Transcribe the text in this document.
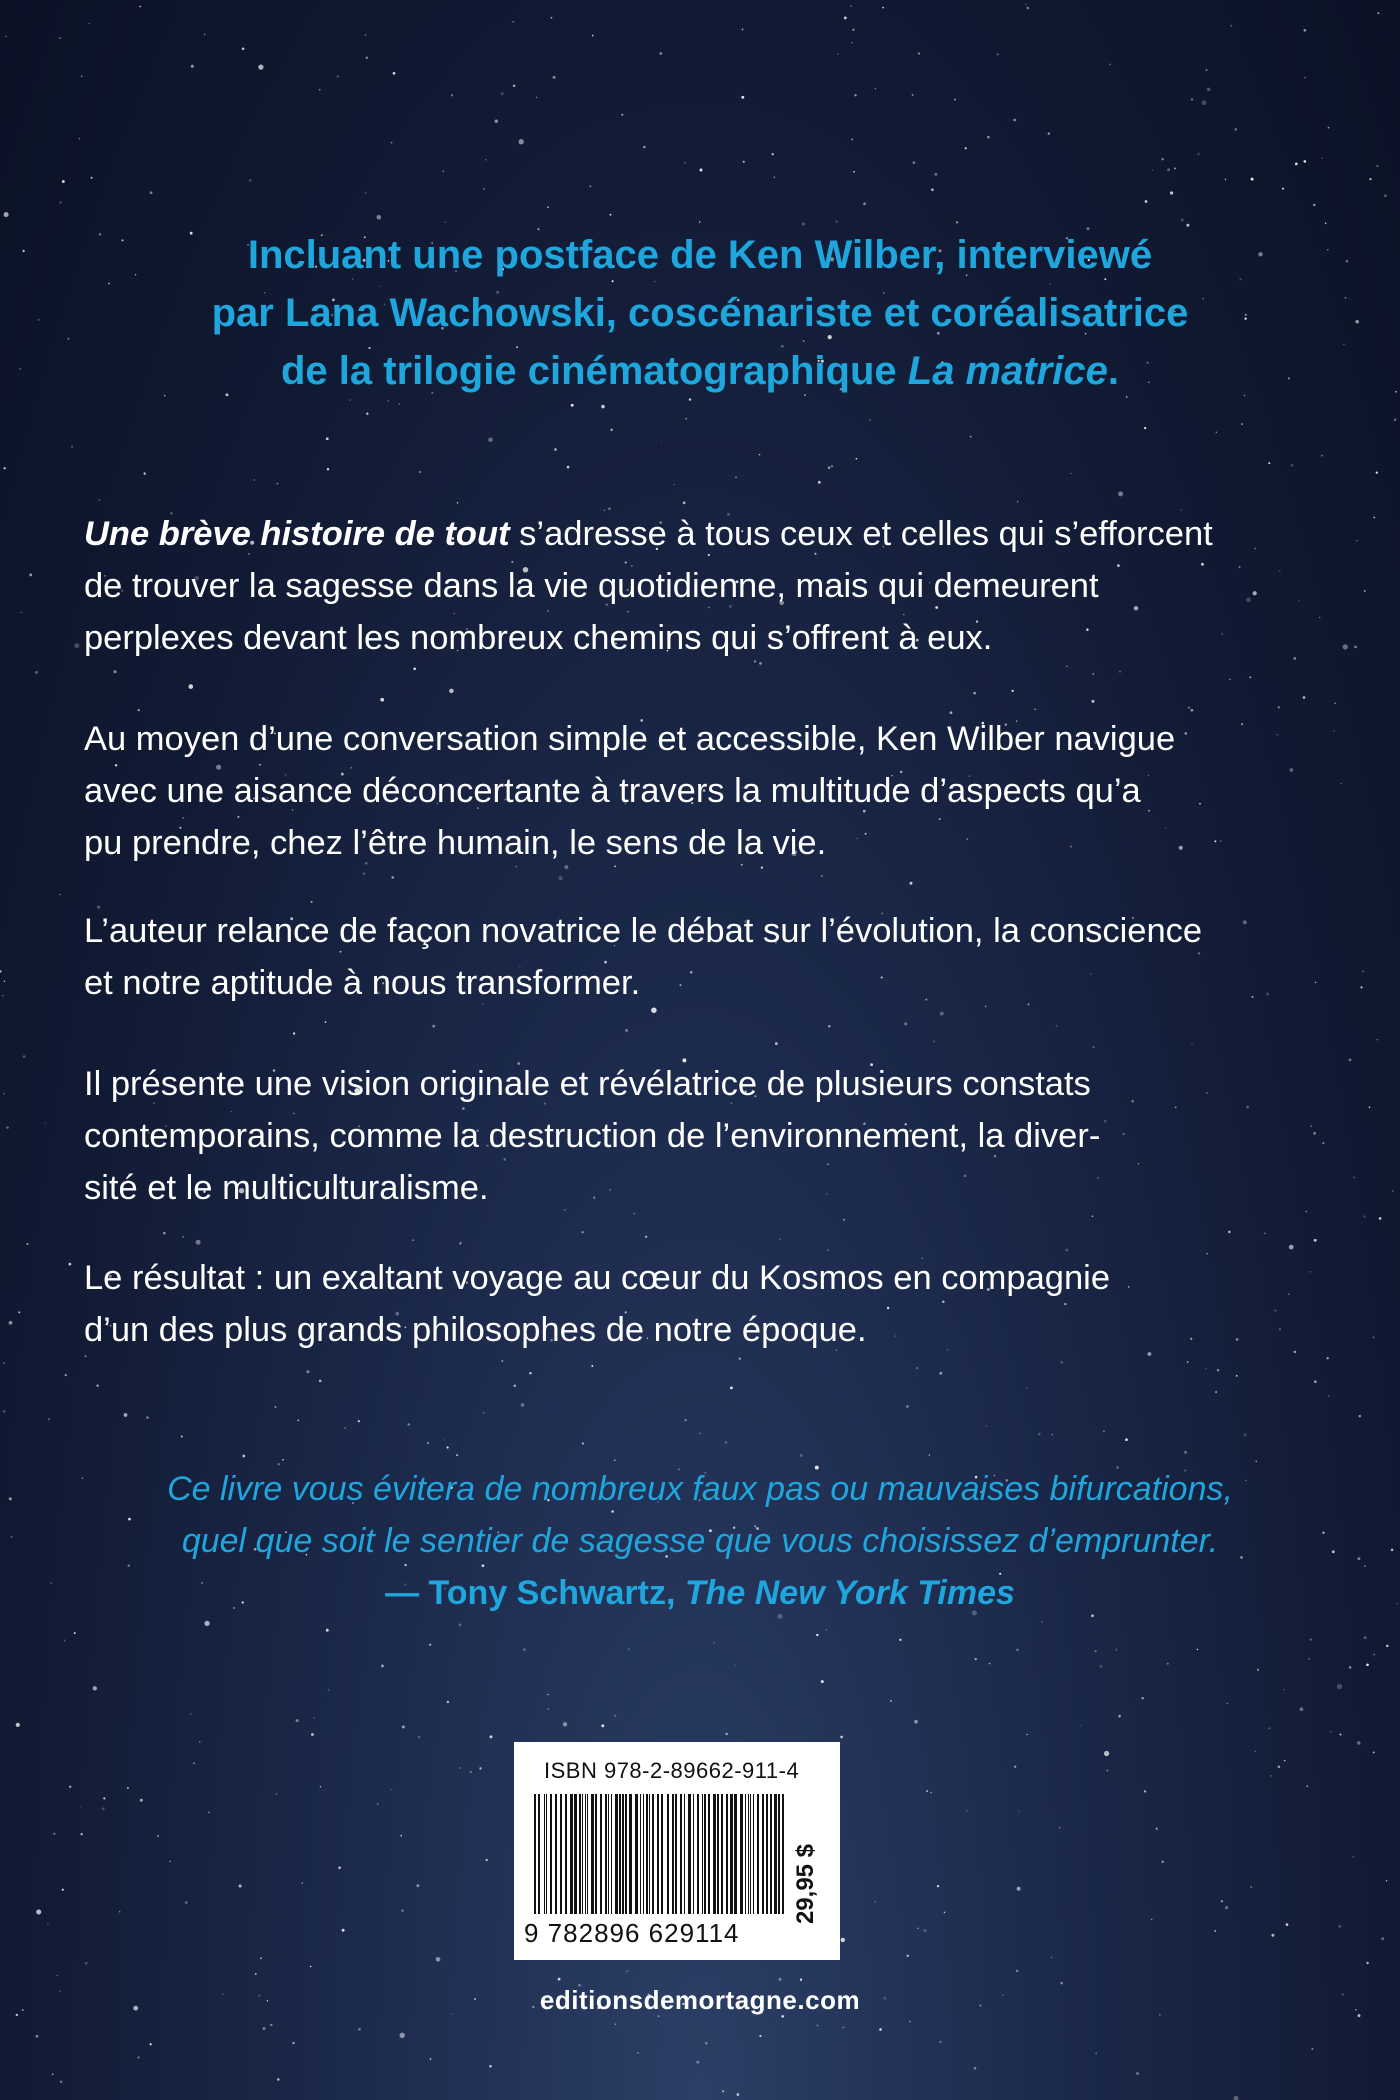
Incluant une postface de Ken Wilber, interviewé
par Lana Wachowski, coscénariste et coréalisatrice
de la trilogie cinématographique La matrice.

Une brève histoire de tout s’adresse à tous ceux et celles qui s’efforcent
de trouver la sagesse dans la vie quotidienne, mais qui demeurent
perplexes devant les nombreux chemins qui s’offrent à eux.

Au moyen d’une conversation simple et accessible, Ken Wilber navigue
avec une aisance déconcertante à travers la multitude d’aspects qu’a
pu prendre, chez l’être humain, le sens de la vie.

L’auteur relance de façon novatrice le débat sur l’évolution, la conscience
et notre aptitude à nous transformer.

Il présente une vision originale et révélatrice de plusieurs constats
contemporains, comme la destruction de l’environnement, la diver-
sité et le multiculturalisme.

Le résultat : un exaltant voyage au cœur du Kosmos en compagnie
d’un des plus grands philosophes de notre époque.

Ce livre vous évitera de nombreux faux pas ou mauvaises bifurcations,
quel que soit le sentier de sagesse que vous choisissez d’emprunter.
— Tony Schwartz, The New York Times

ISBN 978-2-89662-911-4
9 782896 629114
29,95 $
editionsdemortagne.com
